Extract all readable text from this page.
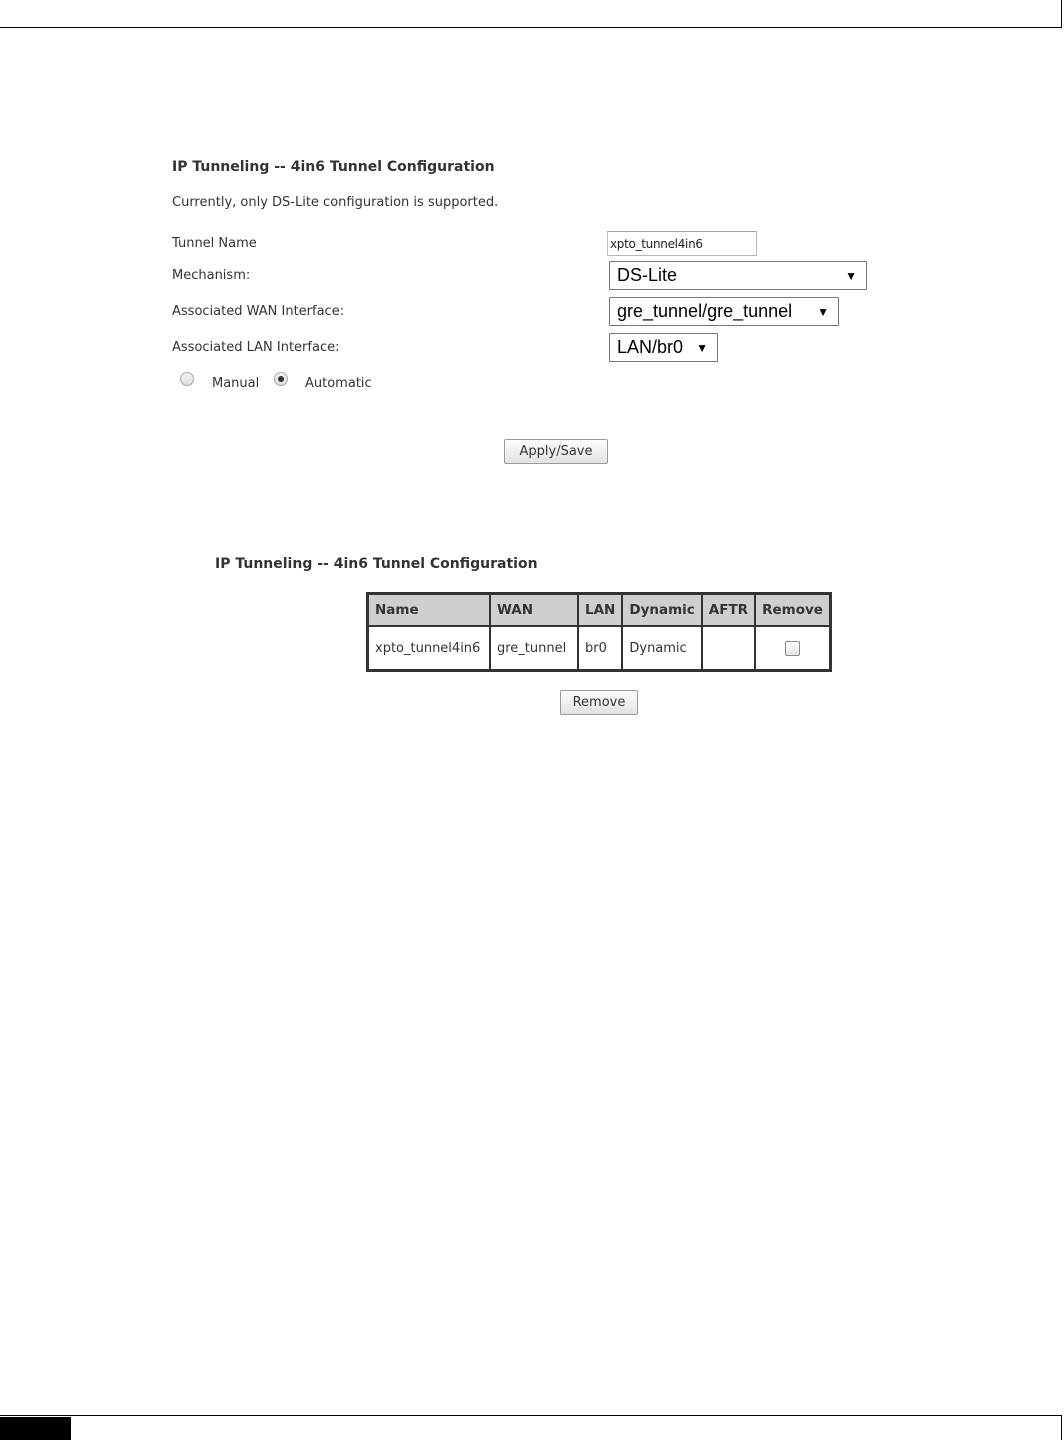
IP Tunneling -- 4in6 Tunnel Configuration
Currently, only DS-Lite configuration is supported.
Tunnel Name
xpto_tunnel4in6
Mechanism:	DS-Lite	▼
Associated WAN Interface:	gre_tunnel/gre_tunnel	▼
Associated LAN Interface:	LAN/br0	▼
Manual	Automatic
Apply/Save
IP Tunneling -- 4in6 Tunnel Configuration
Name	WAN	LAN	Dynamic	AFTR	Remove
xpto_tunnel4in6	gre_tunnel	br0	Dynamic		
Remove
